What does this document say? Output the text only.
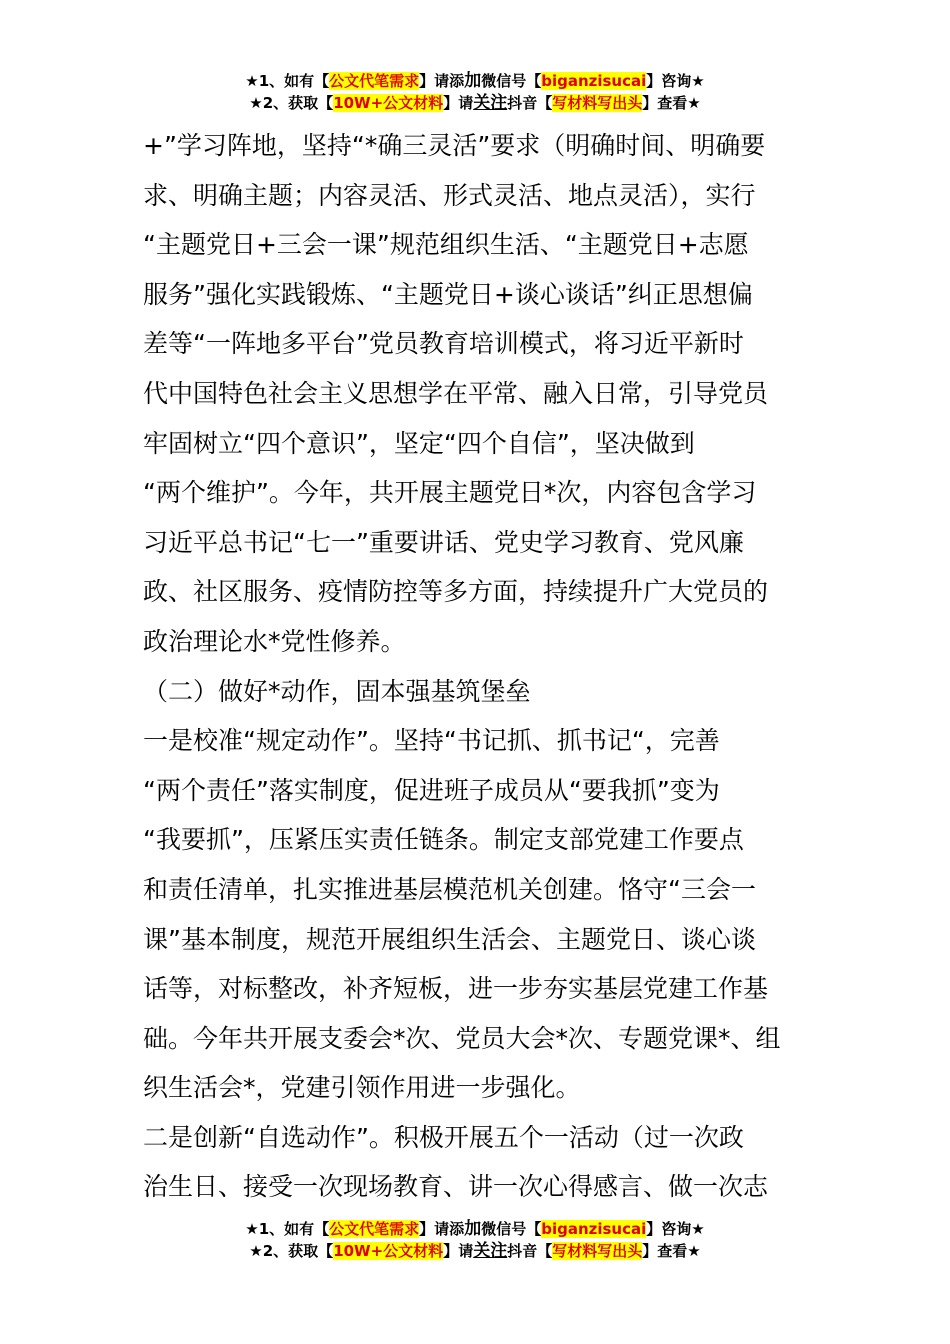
★1、如有【公文代笔需求】请添加微信号【biganzisucai】咨询★
★2、获取【10W+公文材料】请关注抖音【写材料写出头】查看★
+”学习阵地，坚持“*确三灵活”要求（明确时间、明确要
求、明确主题；内容灵活、形式灵活、地点灵活），实行
“主题党日+三会一课”规范组织生活、“主题党日+志愿
服务”强化实践锻炼、“主题党日+谈心谈话”纠正思想偏
差等“一阵地多平台”党员教育培训模式，将习近平新时
代中国特色社会主义思想学在平常、融入日常，引导党员
牢固树立“四个意识”，坚定“四个自信”，坚决做到
“两个维护”。今年，共开展主题党日*次，内容包含学习
习近平总书记“七一”重要讲话、党史学习教育、党风廉
政、社区服务、疫情防控等多方面，持续提升广大党员的
政治理论水*党性修养。
（二）做好*动作，固本强基筑堡垒
一是校准“规定动作”。坚持“书记抓、抓书记“，完善
“两个责任”落实制度，促进班子成员从“要我抓”变为
“我要抓”，压紧压实责任链条。制定支部党建工作要点
和责任清单，扎实推进基层模范机关创建。恪守“三会一
课”基本制度，规范开展组织生活会、主题党日、谈心谈
话等，对标整改，补齐短板，进一步夯实基层党建工作基
础。今年共开展支委会*次、党员大会*次、专题党课*、组
织生活会*，党建引领作用进一步强化。
二是创新“自选动作”。积极开展五个一活动（过一次政
治生日、接受一次现场教育、讲一次心得感言、做一次志
★1、如有【公文代笔需求】请添加微信号【biganzisucai】咨询★
★2、获取【10W+公文材料】请关注抖音【写材料写出头】查看★
